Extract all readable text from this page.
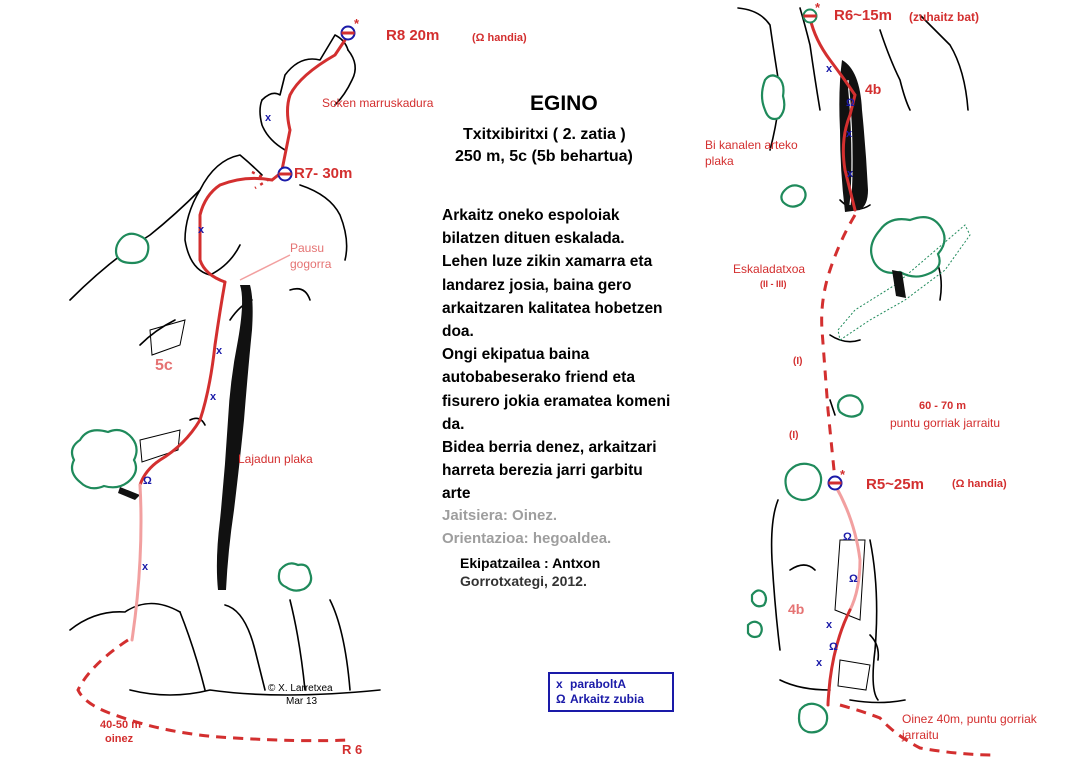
x
x
x
x
x
Ω
*
x
x
x
x
x
Ω
Ω
Ω
Ω
*
*
EGINO
Txitxibiritxi ( 2. zatia )
250 m, 5c (5b behartua)
Arkaitz oneko espoloiak
bilatzen dituen eskalada.
Lehen luze zikin xamarra eta
landarez josia, baina gero
arkaitzaren kalitatea hobetzen
doa.
Ongi ekipatua baina
autobabeserako friend eta
fisurero jokia eramatea komeni
da.
Bidea berria denez, arkaitzari
harreta berezia jarri garbitu
arte
Jaitsiera: Oinez.
Orientazioa: hegoaldea.
Ekipatzailea : Antxon
Gorrotxategi, 2012.
© X. Larretxea
Mar 13
x paraboltA
Ω Arkaitz zubia
R8 20m	(Ω handia)
Soken marruskadura
R7- 30m
Pausu
gogorra
5c
Lajadun plaka
40-50 m
oinez
R 6
R6~15m (zuhaitz bat)
4b
Bi kanalen arteko
plaka
Eskaladatxoa
(II - III)
(I)
(I)
60 - 70 m
puntu gorriak jarraitu
R5~25m	(Ω handia)
4b
Oinez 40m, puntu gorriak
jarraitu
